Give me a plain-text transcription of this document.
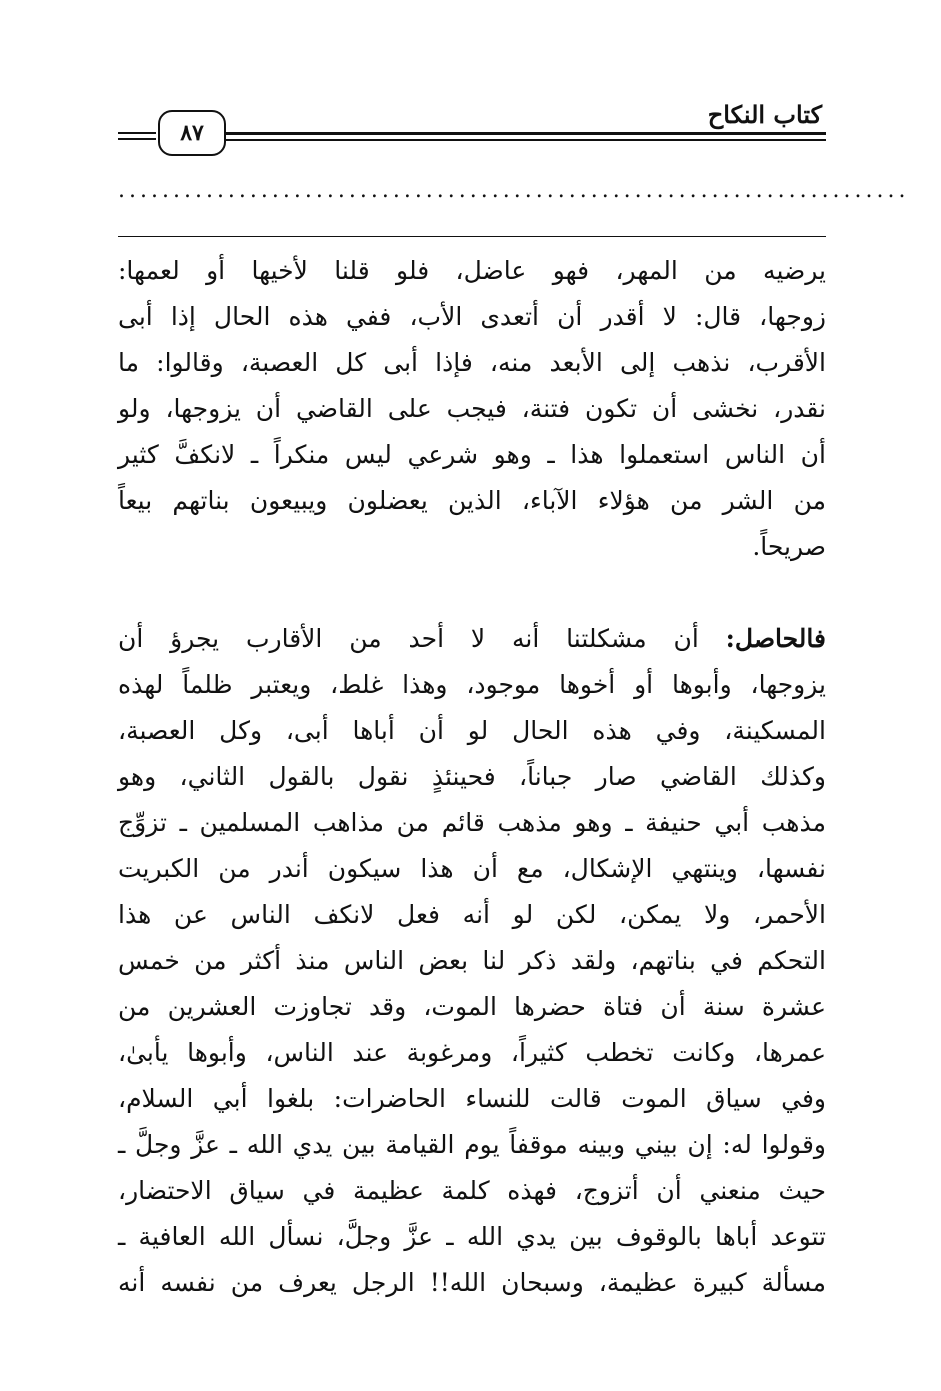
٨٧
كتاب النكاح
........................................................................
يرضيه من المهر، فهو عاضل، فلو قلنا لأخيها أو لعمها:
زوجها، قال: لا أقدر أن أتعدى الأب، ففي هذه الحال إذا أبى
الأقرب، نذهب إلى الأبعد منه، فإذا أبى كل العصبة، وقالوا: ما
نقدر، نخشى أن تكون فتنة، فيجب على القاضي أن يزوجها، ولو
أن الناس استعملوا هذا ـ وهو شرعي ليس منكراً ـ لانكفَّ كثير
من الشر من هؤلاء الآباء، الذين يعضلون ويبيعون بناتهم بيعاً
صريحاً.
فالحاصل: أن مشكلتنا أنه لا أحد من الأقارب يجرؤ أن
يزوجها، وأبوها أو أخوها موجود، وهذا غلط، ويعتبر ظلماً لهذه
المسكينة، وفي هذه الحال لو أن أباها أبى، وكل العصبة،
وكذلك القاضي صار جباناً، فحينئذٍ نقول بالقول الثاني، وهو
مذهب أبي حنيفة ـ وهو مذهب قائم من مذاهب المسلمين ـ تزوِّج
نفسها، وينتهي الإشكال، مع أن هذا سيكون أندر من الكبريت
الأحمر، ولا يمكن، لكن لو أنه فعل لانكف الناس عن هذا
التحكم في بناتهم، ولقد ذكر لنا بعض الناس منذ أكثر من خمس
عشرة سنة أن فتاة حضرها الموت، وقد تجاوزت العشرين من
عمرها، وكانت تخطب كثيراً، ومرغوبة عند الناس، وأبوها يأبىٰ،
وفي سياق الموت قالت للنساء الحاضرات: بلغوا أبي السلام،
وقولوا له: إن بيني وبينه موقفاً يوم القيامة بين يدي الله ـ عزَّ وجلَّ ـ
حيث منعني أن أتزوج، فهذه كلمة عظيمة في سياق الاحتضار،
تتوعد أباها بالوقوف بين يدي الله ـ عزَّ وجلَّ، نسأل الله العافية ـ
مسألة كبيرة عظيمة، وسبحان الله!! الرجل يعرف من نفسه أنه
